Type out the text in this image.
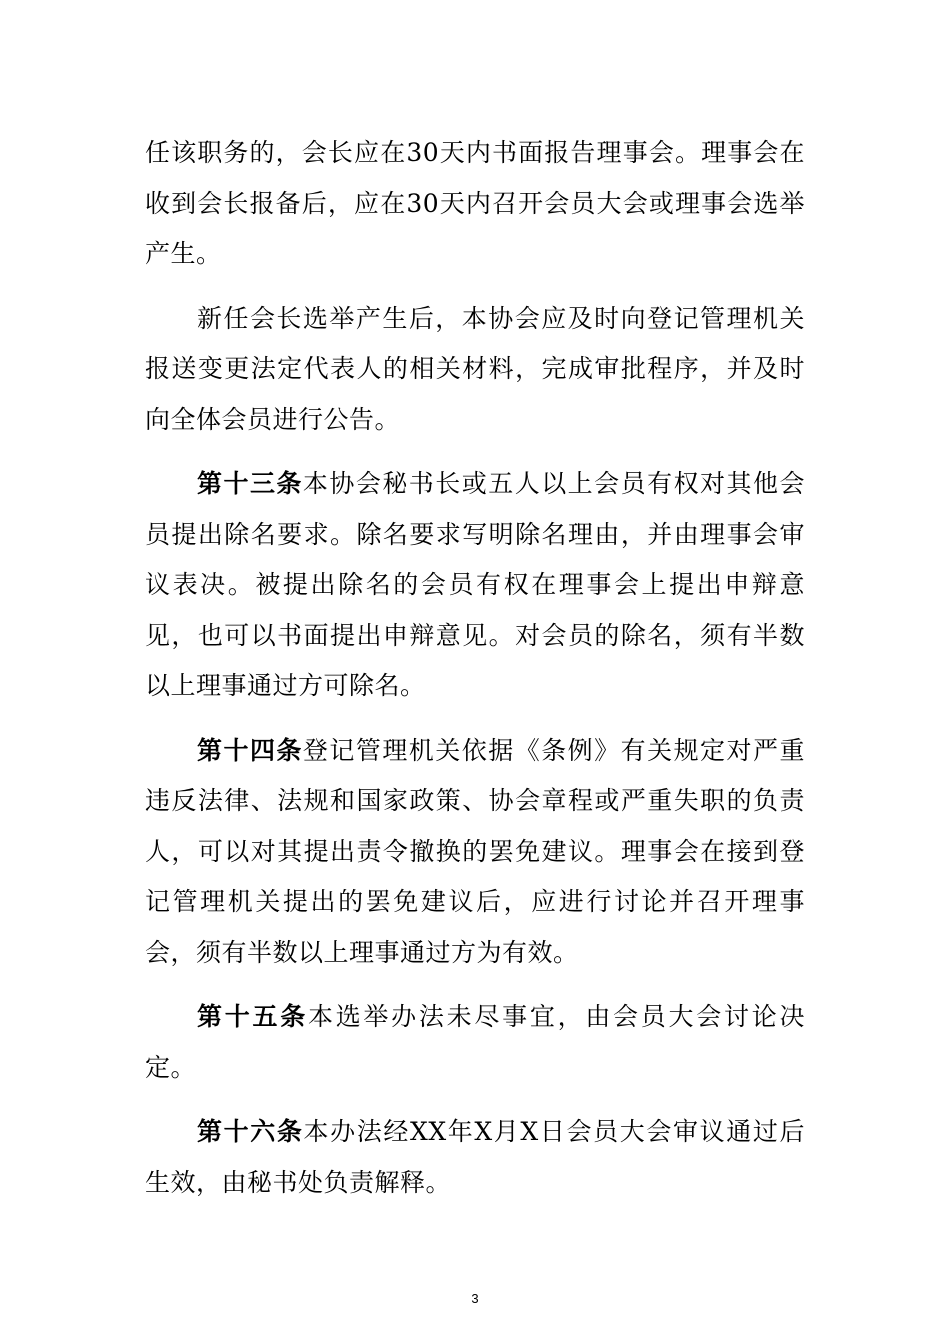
任该职务的，会长应在30天内书面报告理事会。理事会在收到会长报备后，应在30天内召开会员大会或理事会选举产生。

新任会长选举产生后，本协会应及时向登记管理机关报送变更法定代表人的相关材料，完成审批程序，并及时向全体会员进行公告。

第十三条本协会秘书长或五人以上会员有权对其他会员提出除名要求。除名要求写明除名理由，并由理事会审议表决。被提出除名的会员有权在理事会上提出申辩意见，也可以书面提出申辩意见。对会员的除名，须有半数以上理事通过方可除名。

第十四条登记管理机关依据《条例》有关规定对严重违反法律、法规和国家政策、协会章程或严重失职的负责人，可以对其提出责令撤换的罢免建议。理事会在接到登记管理机关提出的罢免建议后，应进行讨论并召开理事会，须有半数以上理事通过方为有效。

第十五条本选举办法未尽事宜，由会员大会讨论决定。

第十六条本办法经XX年X月X日会员大会审议通过后生效，由秘书处负责解释。

3
